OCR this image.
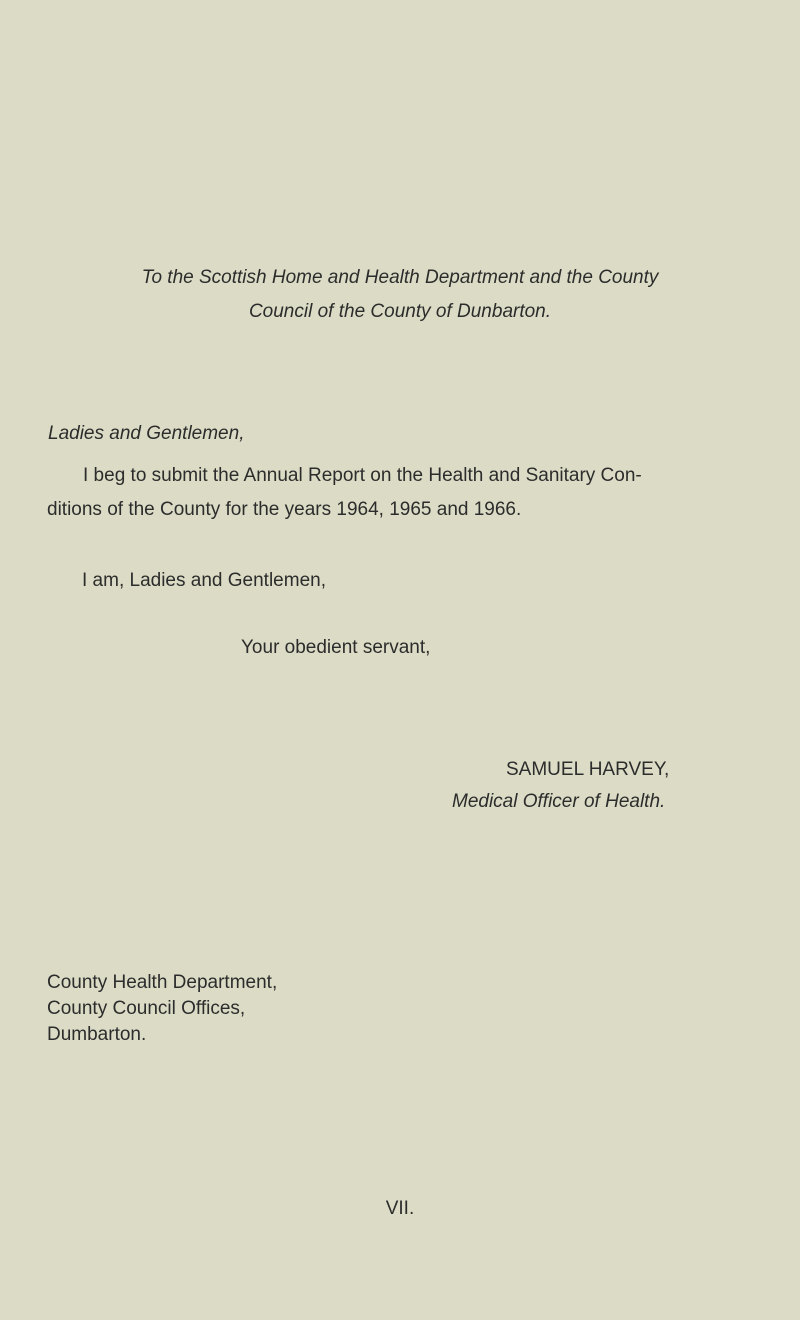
To the Scottish Home and Health Department and the County
Council of the County of Dunbarton.
Ladies and Gentlemen,
I beg to submit the Annual Report on the Health and Sanitary Con-
ditions of the County for the years 1964, 1965 and 1966.
I am, Ladies and Gentlemen,
Your obedient servant,
SAMUEL HARVEY,
Medical Officer of Health.
County Health Department,
County Council Offices,
Dumbarton.
VII.
